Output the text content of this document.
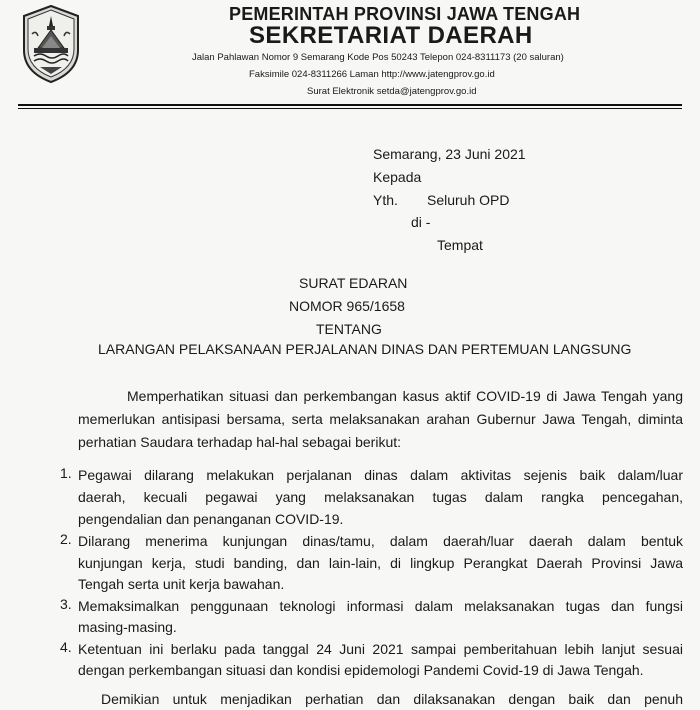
PEMERINTAH PROVINSI JAWA TENGAH
SEKRETARIAT DAERAH
Jalan Pahlawan Nomor 9 Semarang Kode Pos 50243 Telepon 024-8311173 (20 saluran)
Faksimile 024-8311266 Laman http://www.jatengprov.go.id
Surat Elektronik setda@jatengprov.go.id
Semarang, 23 Juni 2021
Kepada
Yth. Seluruh OPD
di -
Tempat
SURAT EDARAN
NOMOR 965/1658
TENTANG
LARANGAN PELAKSANAAN PERJALANAN DINAS DAN PERTEMUAN LANGSUNG
Memperhatikan situasi dan perkembangan kasus aktif COVID-19 di Jawa Tengah yang
memerlukan antisipasi bersama, serta melaksanakan arahan Gubernur Jawa Tengah, diminta
perhatian Saudara terhadap hal-hal sebagai berikut:
1. Pegawai dilarang melakukan perjalanan dinas dalam aktivitas sejenis baik dalam/luar
daerah, kecuali pegawai yang melaksanakan tugas dalam rangka pencegahan,
pengendalian dan penanganan COVID-19.
2. Dilarang menerima kunjungan dinas/tamu, dalam daerah/luar daerah dalam bentuk
kunjungan kerja, studi banding, dan lain-lain, di lingkup Perangkat Daerah Provinsi Jawa
Tengah serta unit kerja bawahan.
3. Memaksimalkan penggunaan teknologi informasi dalam melaksanakan tugas dan fungsi
masing-masing.
4. Ketentuan ini berlaku pada tanggal 24 Juni 2021 sampai pemberitahuan lebih lanjut sesuai
dengan perkembangan situasi dan kondisi epidemologi Pandemi Covid-19 di Jawa Tengah.
Demikian untuk menjadikan perhatian dan dilaksanakan dengan baik dan penuh
